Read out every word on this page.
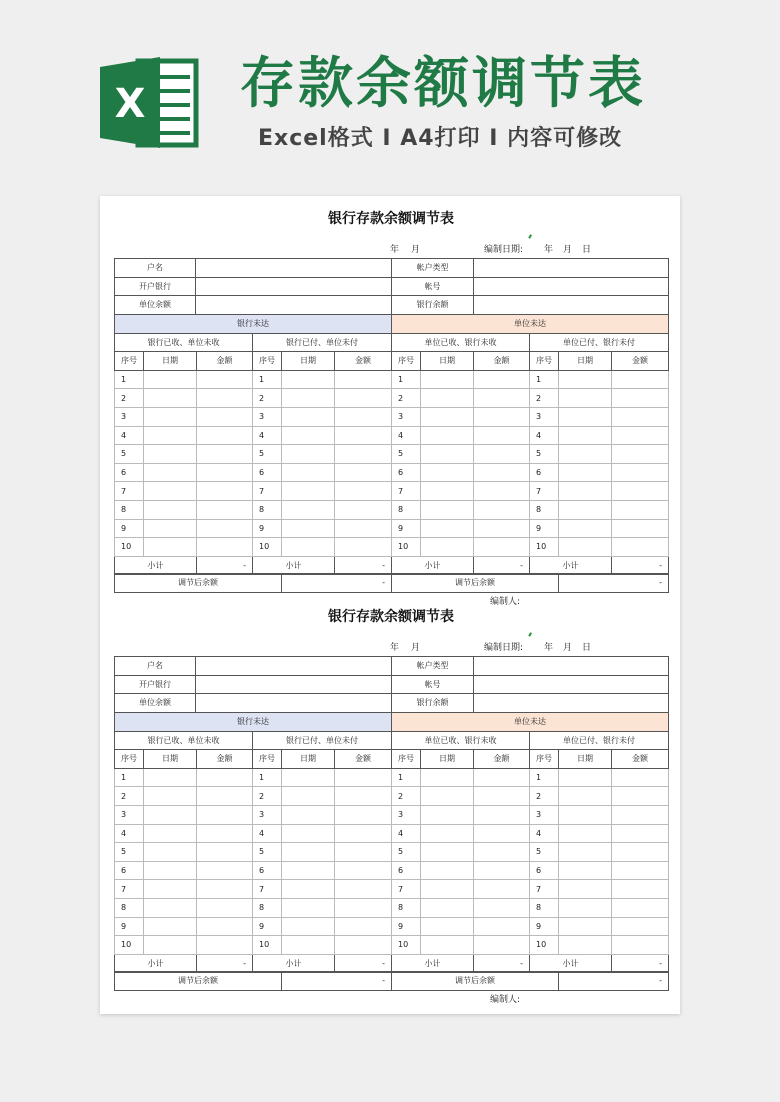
X 存款余额调节表
Excel格式 I A4打印 I 内容可修改
银行存款余额调节表
年 月	编制日期: 年 月 日
户名		帐户类型	
开户银行		帐号	
单位余额		银行余额	
银行未达						单位未达					
银行已收、单位未收			银行已付、单位未付			单位已收、银行未收			单位已付、银行未付		
序号	日期	金额	序号	日期	金额	序号	日期	金额	序号	日期	金额
1			1			1			1		
2			2			2			2		
3			3			3			3		
4			4			4			4		
5			5			5			5		
6			6			6			6		
7			7			7			7		
8			8			8			8		
9			9			9			9		
10			10			10			10		
小计		-	小计		-	小计		-	小计		-
调节后余额	-	调节后余额	-
编制人:
银行存款余额调节表
年 月	编制日期: 年 月 日
户名		帐户类型	
开户银行		帐号	
单位余额		银行余额	
银行未达						单位未达					
银行已收、单位未收			银行已付、单位未付			单位已收、银行未收			单位已付、银行未付		
序号	日期	金额	序号	日期	金额	序号	日期	金额	序号	日期	金额
1			1			1			1		
2			2			2			2		
3			3			3			3		
4			4			4			4		
5			5			5			5		
6			6			6			6		
7			7			7			7		
8			8			8			8		
9			9			9			9		
10			10			10			10		
小计		-	小计		-	小计		-	小计		-
调节后余额	-	调节后余额	-
编制人:
